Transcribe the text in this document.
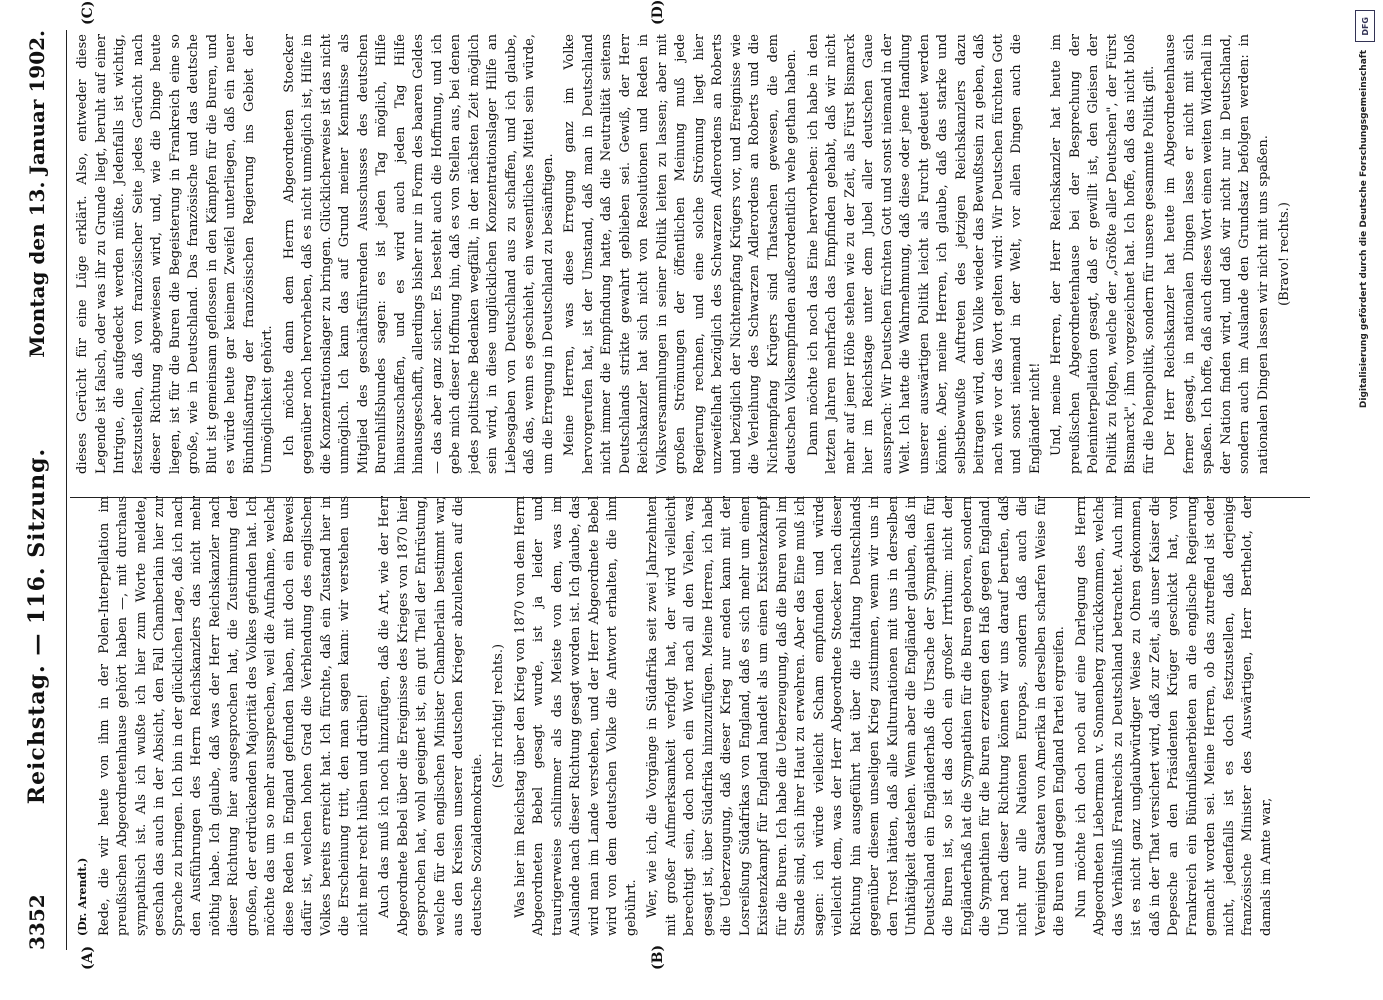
3352
Reichstag. — 116. Sitzung.
Montag den 13. Januar 1902.
(A)	(B)
(C)	(D)

(Dr. Arendt.) Rede, die wir heute von ihm in der Polen-Interpellation im preußischen Abgeordnetenhause gehört haben —, mit durchaus sympathisch ist. Als ich wußte ich hier zum Worte meldete, geschah das auch in der Absicht, den Fall Chamberlain hier zur Sprache zu bringen. Ich bin in der glücklichen Lage, daß ich nach den Ausführungen des Herrn Reichskanzlers das nicht mehr nöthig habe. Ich glaube, daß was der Herr Reichskanzler nach dieser Richtung hier ausgesprochen hat, die Zustimmung der großen, der erdrückenden Majorität des Volkes gefunden hat. Ich möchte das um so mehr aussprechen, weil die Aufnahme, welche diese Reden in England gefunden haben, mit doch ein Beweis dafür ist, welchen hohen Grad die Verblendung des englischen Volkes bereits erreicht hat. Ich fürchte, daß ein Zustand hier in die Erscheinung tritt, den man sagen kann: wir verstehen uns nicht mehr recht hüben und drüben! Auch das muß ich noch hinzufügen, daß die Art, wie der Herr Abgeordnete Bebel über die Ereignisse des Krieges von 1870 hier gesprochen hat, wohl geeignet ist, ein gut Theil der Entrüstung, welche für den englischen Minister Chamberlain bestimmt war, aus den Kreisen unserer deutschen Krieger abzulenken auf die deutsche Sozialdemokratie.

(Sehr richtig! rechts.) Was hier im Reichstag über den Krieg von 1870 von dem Herrn Abgeordneten Bebel gesagt wurde, ist ja leider und traurigerweise schlimmer als das Meiste von dem, was im Auslande nach dieser Richtung gesagt worden ist. Ich glaube, das wird man im Lande verstehen, und der Herr Abgeordnete Bebel wird von dem deutschen Volke die Antwort erhalten, die ihm gebührt. Wer, wie ich, die Vorgänge in Südafrika seit zwei Jahrzehnten mit großer Aufmerksamkeit verfolgt hat, der wird vielleicht berechtigt sein, doch noch ein Wort nach all den Vielen, was gesagt ist, über Südafrika hinzuzufügen. Meine Herren, ich habe die Ueberzeugung, daß dieser Krieg nur enden kann mit der Losreißung Südafrikas von England, daß es sich mehr um einen Existenzkampf für England handelt als um einen Existenzkampf für die Buren. Ich habe die Ueberzeugung, daß die Buren wohl im Stande sind, sich ihrer Haut zu erwehren. Aber das Eine muß ich sagen: ich würde vielleicht Scham empfunden und würde vielleicht dem, was der Herr Abgeordnete Stoecker nach dieser Richtung hin ausgeführt hat über die Haltung Deutschlands gegenüber diesem unseligen Krieg zustimmen, wenn wir uns in den Trost hätten, daß alle Kulturnationen mit uns in derselben Unthätigkeit dastehen. Wenn aber die Engländer glauben, daß in Deutschland ein Engländerhaß die Ursache der Sympathien für die Buren ist, so ist das doch ein großer Irrthum: nicht der Engländerhaß hat die Sympathien für die Buren geboren, sondern die Sympathien für die Buren erzeugen den Haß gegen England. Und nach dieser Richtung können wir uns darauf berufen, daß nicht nur alle Nationen Europas, sondern daß auch die Vereinigten Staaten von Amerika in derselben scharfen Weise für die Buren und gegen England Partei ergreifen. Nun möchte ich doch noch auf eine Darlegung des Herrn Abgeordneten Liebermann v. Sonnenberg zurückkommen, welche das Verhältniß Frankreichs zu Deutschland betrachtet. Auch mir ist es nicht ganz unglaubwürdiger Weise zu Ohren gekommen, daß in der That versichert wird, daß zur Zeit, als unser Kaiser die Depesche an den Präsidenten Krüger geschickt hat, von Frankreich ein Bündnißanerbieten an die englische Regierung gemacht worden sei. Meine Herren, ob das zutreffend ist oder nicht, jedenfalls ist es doch festzustellen, daß derjenige französische Minister des Auswärtigen, Herr Berthelot, der damals im Amte war,

dieses Gerücht für eine Lüge erklärt. Also, entweder diese Legende ist falsch, oder was ihr zu Grunde liegt, beruht auf einer Intrigue, die aufgedeckt werden müßte. Jedenfalls ist wichtig, festzustellen, daß von französischer Seite jedes Gerücht nach dieser Richtung abgewiesen wird, und, wie die Dinge heute liegen, ist für die Buren die Begeisterung in Frankreich eine so große, wie in Deutschland. Das französische und das deutsche Blut ist gemeinsam geflossen in den Kämpfen für die Buren, und es würde heute gar keinem Zweifel unterliegen, daß ein neuer Bündnißantrag der französischen Regierung ins Gebiet der Unmöglichkeit gehört. Ich möchte dann dem Herrn Abgeordneten Stoecker gegenüber noch hervorheben, daß es nicht unmöglich ist, Hilfe in die Konzentrationslager zu bringen. Glücklicherweise ist das nicht unmöglich. Ich kann das auf Grund meiner Kenntnisse als Mitglied des geschäftsführenden Ausschusses des deutschen Burenhilfsbundes sagen: es ist jeden Tag möglich, Hilfe hinauszuschaffen, und es wird auch jeden Tag Hilfe hinausgeschafft, allerdings bisher nur in Form des baaren Geldes — das aber ganz sicher. Es besteht auch die Hoffnung, und ich gebe mich dieser Hoffnung hin, daß es von Stellen aus, bei denen jedes politische Bedenken wegfällt, in der nächsten Zeit möglich sein wird, in diese unglücklichen Konzentrationslager Hilfe an Liebesgaben von Deutschland aus zu schaffen, und ich glaube, daß das, wenn es geschieht, ein wesentliches Mittel sein würde, um die Erregung in Deutschland zu besänftigen. Meine Herren, was diese Erregung ganz im Volke hervorgerufen hat, ist der Umstand, daß man in Deutschland nicht immer die Empfindung hatte, daß die Neutralität seitens Deutschlands strikte gewahrt geblieben sei. Gewiß, der Herr Reichskanzler hat sich nicht von Resolutionen und Reden in Volksversammlungen in seiner Politik leiten zu lassen; aber mit großen Strömungen der öffentlichen Meinung muß jede Regierung rechnen, und eine solche Strömung liegt hier unzweifelhaft bezüglich des Schwarzen Adlerordens an Roberts und bezüglich der Nichtempfang Krügers vor, und Ereignisse wie die Verleihung des Schwarzen Adlerordens an Roberts und die Nichtempfang Krügers sind Thatsachen gewesen, die dem deutschen Volksempfinden außerordentlich wehe gethan haben. Dann möchte ich noch das Eine hervorheben: ich habe in den letzten Jahren mehrfach das Empfinden gehabt, daß wir nicht mehr auf jener Höhe stehen wie zu der Zeit, als Fürst Bismarck hier im Reichstage unter dem Jubel aller deutschen Gaue aussprach: Wir Deutschen fürchten Gott und sonst niemand in der Welt. Ich hatte die Wahrnehmung, daß diese oder jene Handlung unserer auswärtigen Politik leicht als Furcht gedeutet werden könnte. Aber, meine Herren, ich glaube, daß das starke und selbstbewußte Auftreten des jetzigen Reichskanzlers dazu beitragen wird, dem Volke wieder das Bewußtsein zu geben, daß nach wie vor das Wort gelten wird: Wir Deutschen fürchten Gott und sonst niemand in der Welt, vor allen Dingen auch die Engländer nicht! Und, meine Herren, der Herr Reichskanzler hat heute im preußischen Abgeordnetenhause bei der Besprechung der Poleninterpellation gesagt, daß er gewillt ist, den Gleisen der Politik zu folgen, welche der „Größte aller Deutschen", der Fürst Bismarck", ihm vorgezeichnet hat. Ich hoffe, daß das nicht bloß für die Polenpolitik, sondern für unsere gesammte Politik gilt. Der Herr Reichskanzler hat heute im Abgeordnetenhause ferner gesagt, in nationalen Dingen lasse er nicht mit sich spaßen. Ich hoffe, daß auch dieses Wort einen weiten Widerhall in der Nation finden wird, und daß wir nicht nur in Deutschland, sondern auch im Auslande den Grundsatz befolgen werden: in nationalen Dingen lassen wir nicht mit uns spaßen. (Bravo! rechts.)

DFG
Digitalisierung gefördert durch die Deutsche Forschungsgemeinschaft
